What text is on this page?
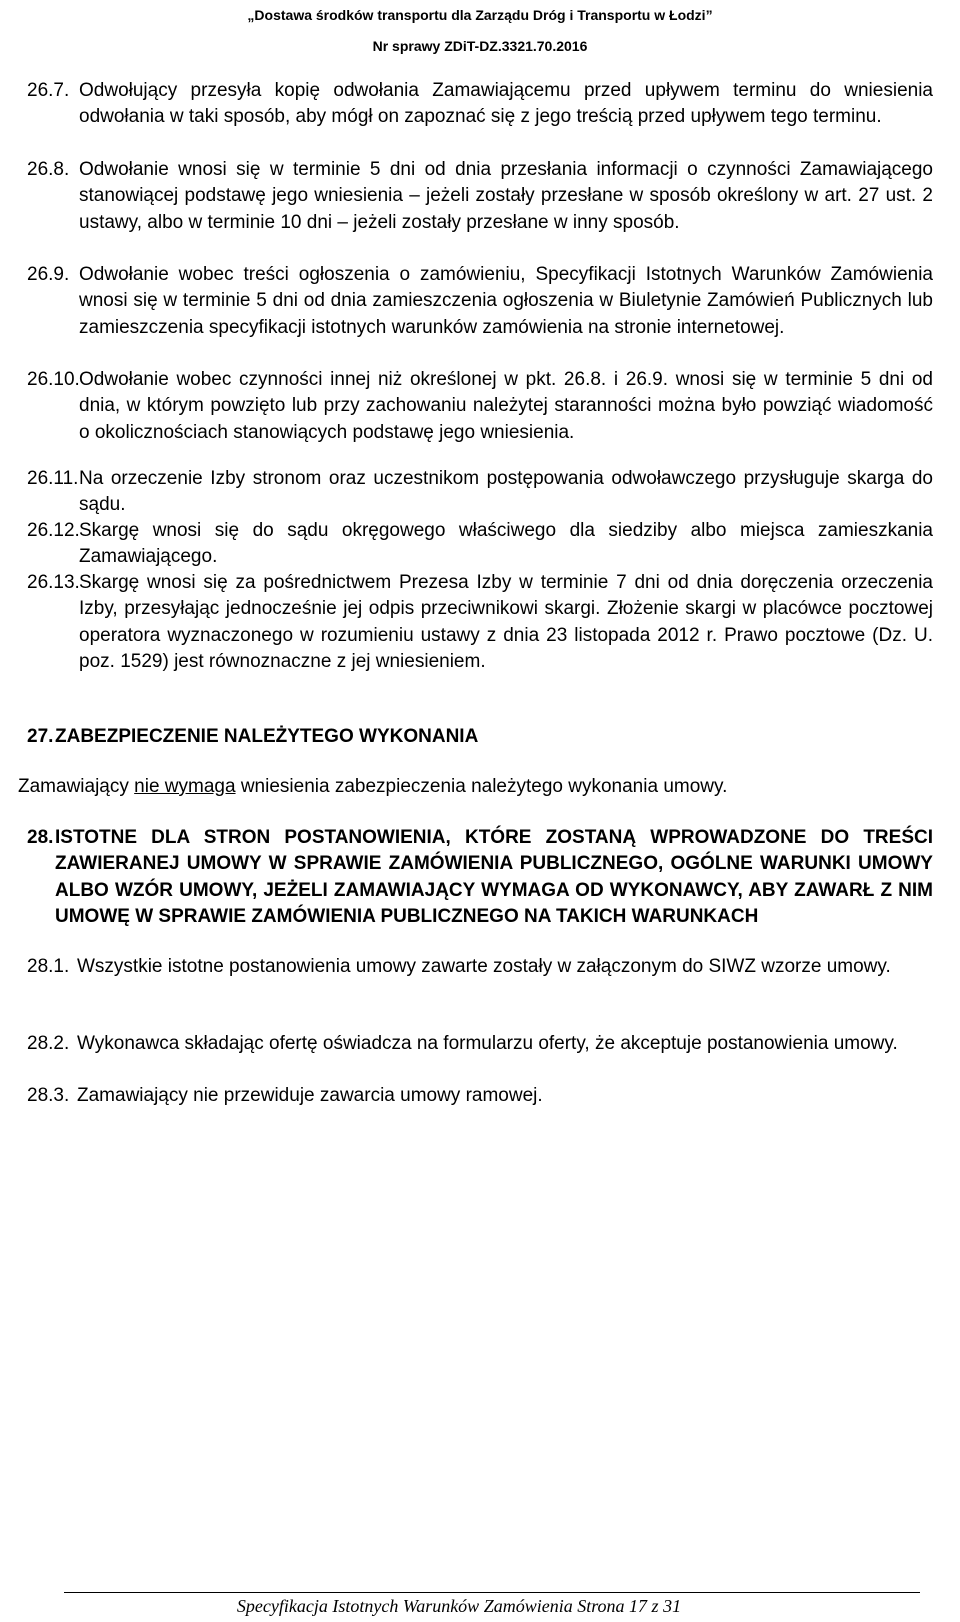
„Dostawa środków transportu dla Zarządu Dróg i Transportu w Łodzi”
Nr sprawy ZDiT-DZ.3321.70.2016
26.7. Odwołujący przesyła kopię odwołania Zamawiającemu przed upływem terminu do wniesienia odwołania w taki sposób, aby mógł on zapoznać się z jego treścią przed upływem tego terminu.
26.8. Odwołanie wnosi się w terminie 5 dni od dnia przesłania informacji o czynności Zamawiającego stanowiącej podstawę jego wniesienia – jeżeli zostały przesłane w sposób określony w art. 27 ust. 2 ustawy, albo w terminie 10 dni – jeżeli zostały przesłane w inny sposób.
26.9. Odwołanie wobec treści ogłoszenia o zamówieniu, Specyfikacji Istotnych Warunków Zamówienia wnosi się w terminie 5 dni od dnia zamieszczenia ogłoszenia w Biuletynie Zamówień Publicznych lub zamieszczenia specyfikacji istotnych warunków zamówienia na stronie internetowej.
26.10. Odwołanie wobec czynności innej niż określonej w pkt. 26.8. i 26.9. wnosi się w terminie 5 dni od dnia, w którym powzięto lub przy zachowaniu należytej staranności można było powziąć wiadomość o okolicznościach stanowiących podstawę jego wniesienia.
26.11. Na orzeczenie Izby stronom oraz uczestnikom postępowania odwoławczego przysługuje skarga do sądu.
26.12. Skargę wnosi się do sądu okręgowego właściwego dla siedziby albo miejsca zamieszkania Zamawiającego.
26.13. Skargę wnosi się za pośrednictwem Prezesa Izby w terminie 7 dni od dnia doręczenia orzeczenia Izby, przesyłając jednocześnie jej odpis przeciwnikowi skargi. Złożenie skargi w placówce pocztowej operatora wyznaczonego w rozumieniu ustawy z dnia 23 listopada 2012 r. Prawo pocztowe (Dz. U. poz. 1529) jest równoznaczne z jej wniesieniem.
27. ZABEZPIECZENIE NALEŻYTEGO WYKONANIA
Zamawiający nie wymaga wniesienia zabezpieczenia należytego wykonania umowy.
28. ISTOTNE DLA STRON POSTANOWIENIA, KTÓRE ZOSTANĄ WPROWADZONE DO TREŚCI ZAWIERANEJ UMOWY W SPRAWIE ZAMÓWIENIA PUBLICZNEGO, OGÓLNE WARUNKI UMOWY ALBO WZÓR UMOWY, JEŻELI ZAMAWIAJĄCY WYMAGA OD WYKONAWCY, ABY ZAWARŁ Z NIM UMOWĘ W SPRAWIE ZAMÓWIENIA PUBLICZNEGO NA TAKICH WARUNKACH
28.1. Wszystkie istotne postanowienia umowy zawarte zostały w załączonym do SIWZ wzorze umowy.
28.2. Wykonawca składając ofertę oświadcza na formularzu oferty, że akceptuje postanowienia umowy.
28.3. Zamawiający nie przewiduje zawarcia umowy ramowej.
Specyfikacja Istotnych Warunków Zamówienia Strona 17 z 31
